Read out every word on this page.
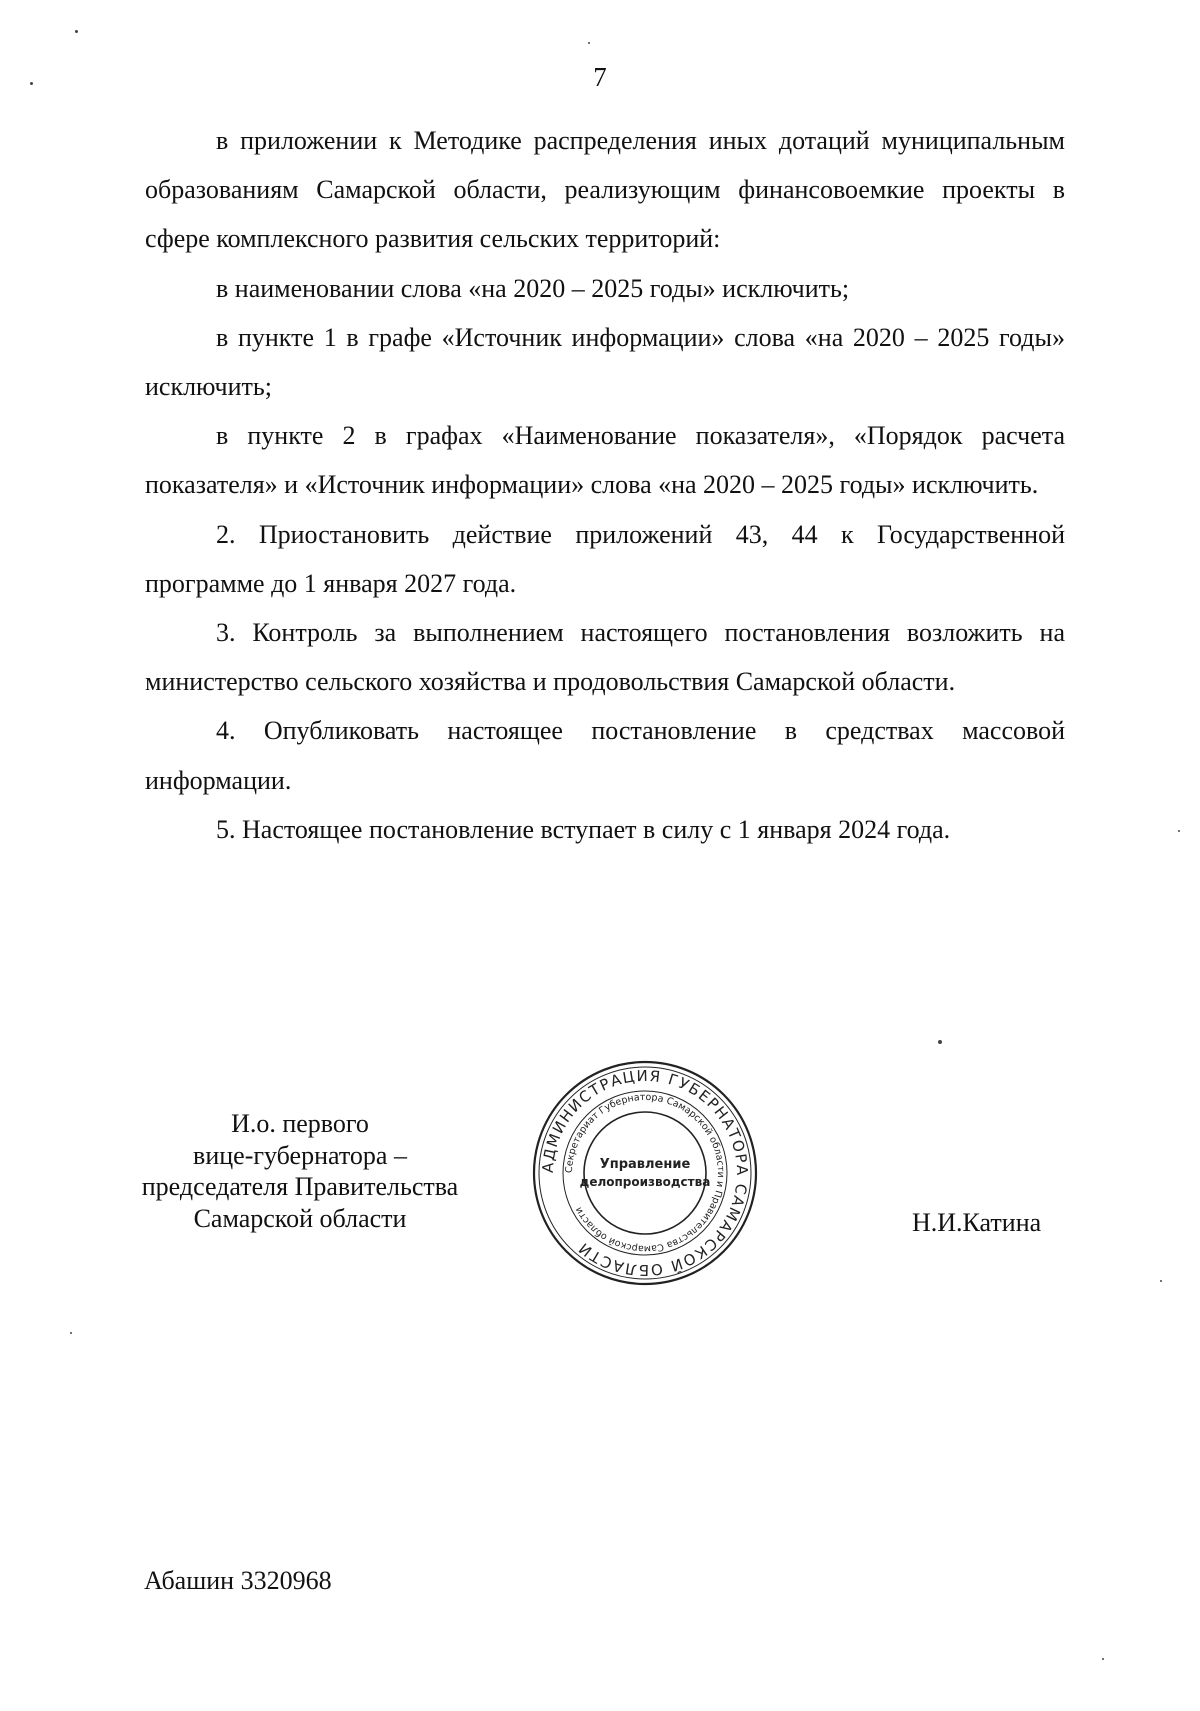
7

в приложении к Методике распределения иных дотаций муниципальным образованиям Самарской области, реализующим финансовоемкие проекты в сфере комплексного развития сельских территорий:

в наименовании слова «на 2020 – 2025 годы» исключить;

в пункте 1 в графе «Источник информации» слова «на 2020 – 2025 годы» исключить;

в пункте 2 в графах «Наименование показателя», «Порядок расчета показателя» и «Источник информации» слова «на 2020 – 2025 годы» исключить.

2. Приостановить действие приложений 43, 44 к Государственной программе до 1 января 2027 года.

3. Контроль за выполнением настоящего постановления возложить на министерство сельского хозяйства и продовольствия Самарской области.

4. Опубликовать настоящее постановление в средствах массовой информации.

5. Настоящее постановление вступает в силу с 1 января 2024 года.

И.о. первого
вице-губернатора –
председателя Правительства
Самарской области
АДМИНИСТРАЦИЯ ГУБЕРНАТОРА САМАРСКОЙ ОБЛАСТИ
Секретариат Губернатора Самарской области и Правительства Самарской области
Управление
делопроизводства
Н.И.Катина
Абашин 3320968
